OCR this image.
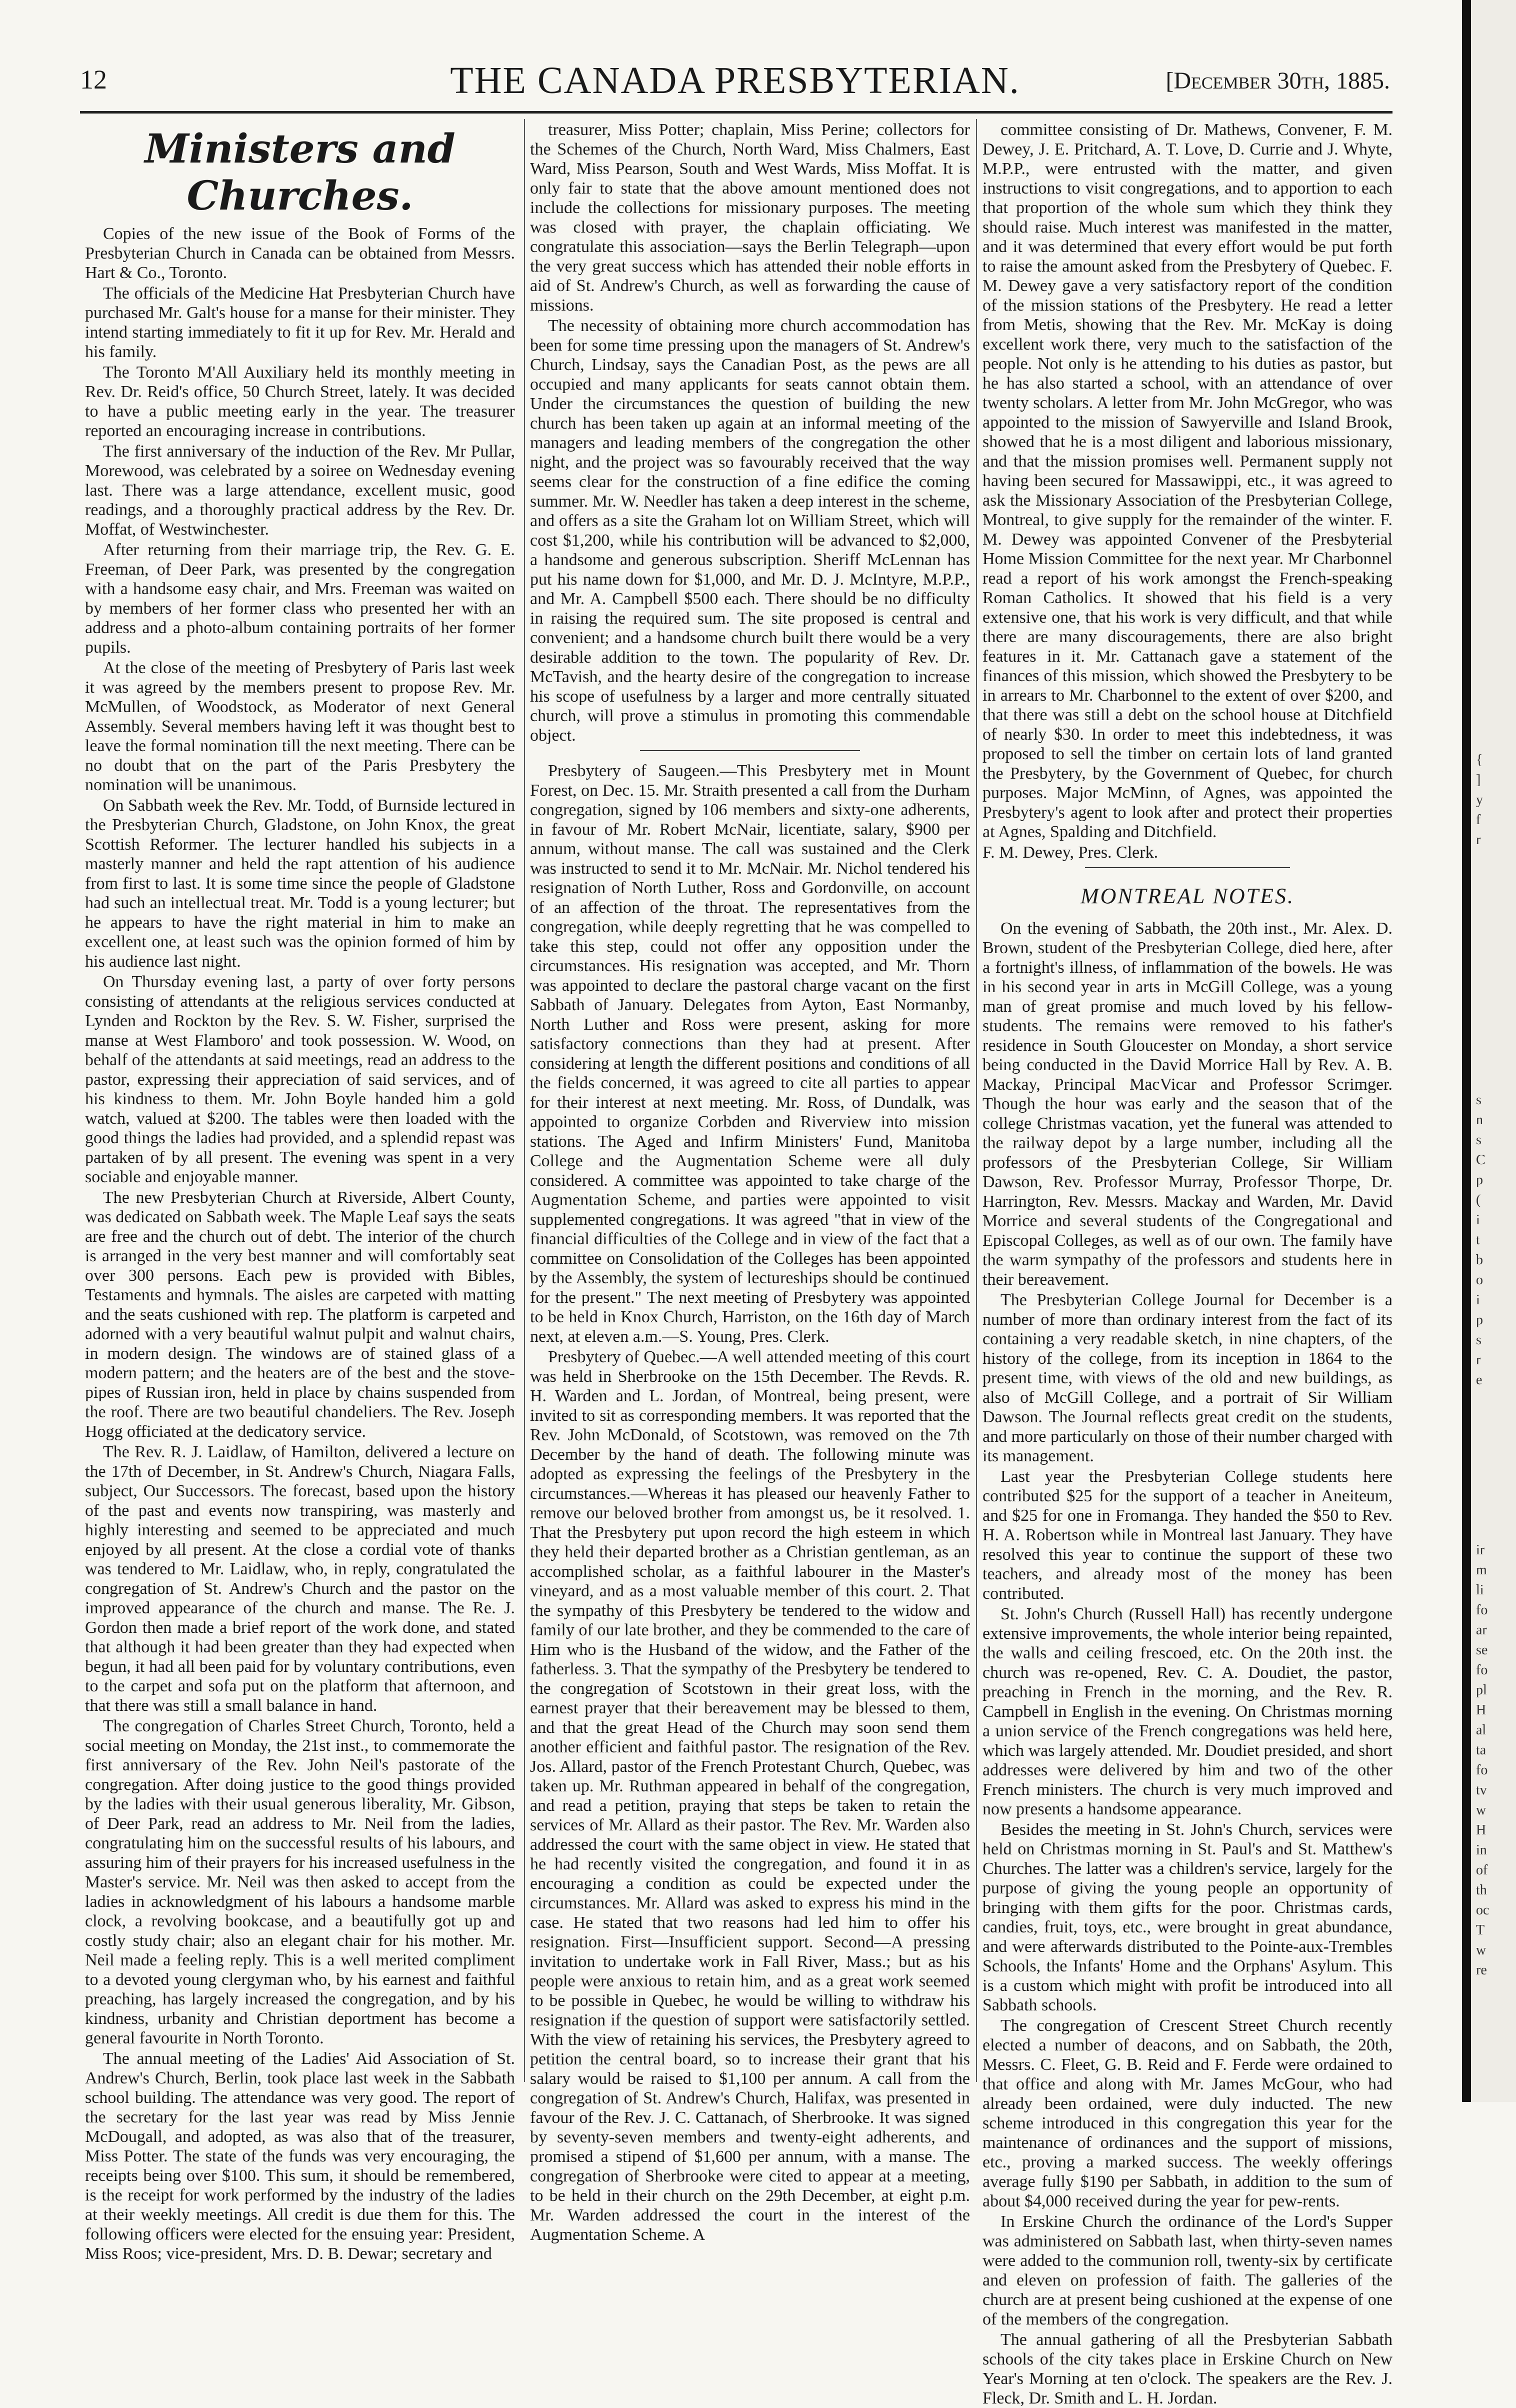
12	THE CANADA PRESBYTERIAN.	[December 30th, 1885.
Ministers and Churches.

Copies of the new issue of the Book of Forms of the Presbyterian Church in Canada can be obtained from Messrs. Hart & Co., Toronto.

The officials of the Medicine Hat Presbyterian Church have purchased Mr. Galt's house for a manse for their minister. They intend starting immediately to fit it up for Rev. Mr. Herald and his family.

The Toronto M'All Auxiliary held its monthly meeting in Rev. Dr. Reid's office, 50 Church Street, lately. It was decided to have a public meeting early in the year. The treasurer reported an encouraging increase in contributions.

The first anniversary of the induction of the Rev. Mr Pullar, Morewood, was celebrated by a soiree on Wednesday evening last. There was a large attendance, excellent music, good readings, and a thoroughly practical address by the Rev. Dr. Moffat, of Westwinchester.

After returning from their marriage trip, the Rev. G. E. Freeman, of Deer Park, was presented by the congregation with a handsome easy chair, and Mrs. Freeman was waited on by members of her former class who presented her with an address and a photo-album containing portraits of her former pupils.

At the close of the meeting of Presbytery of Paris last week it was agreed by the members present to propose Rev. Mr. McMullen, of Woodstock, as Moderator of next General Assembly. Several members having left it was thought best to leave the formal nomination till the next meeting. There can be no doubt that on the part of the Paris Presbytery the nomination will be unanimous.

On Sabbath week the Rev. Mr. Todd, of Burnside lectured in the Presbyterian Church, Gladstone, on John Knox, the great Scottish Reformer. The lecturer handled his subjects in a masterly manner and held the rapt attention of his audience from first to last. It is some time since the people of Gladstone had such an intellectual treat. Mr. Todd is a young lecturer; but he appears to have the right material in him to make an excellent one, at least such was the opinion formed of him by his audience last night.

On Thursday evening last, a party of over forty persons consisting of attendants at the religious services conducted at Lynden and Rockton by the Rev. S. W. Fisher, surprised the manse at West Flamboro' and took possession. W. Wood, on behalf of the attendants at said meetings, read an address to the pastor, expressing their appreciation of said services, and of his kindness to them. Mr. John Boyle handed him a gold watch, valued at $200. The tables were then loaded with the good things the ladies had provided, and a splendid repast was partaken of by all present. The evening was spent in a very sociable and enjoyable manner.

The new Presbyterian Church at Riverside, Albert County, was dedicated on Sabbath week. The Maple Leaf says the seats are free and the church out of debt. The interior of the church is arranged in the very best manner and will comfortably seat over 300 persons. Each pew is provided with Bibles, Testaments and hymnals. The aisles are carpeted with matting and the seats cushioned with rep. The platform is carpeted and adorned with a very beautiful walnut pulpit and walnut chairs, in modern design. The windows are of stained glass of a modern pattern; and the heaters are of the best and the stove-pipes of Russian iron, held in place by chains suspended from the roof. There are two beautiful chandeliers. The Rev. Joseph Hogg officiated at the dedicatory service.

The Rev. R. J. Laidlaw, of Hamilton, delivered a lecture on the 17th of December, in St. Andrew's Church, Niagara Falls, subject, Our Successors. The forecast, based upon the history of the past and events now transpiring, was masterly and highly interesting and seemed to be appreciated and much enjoyed by all present. At the close a cordial vote of thanks was tendered to Mr. Laidlaw, who, in reply, congratulated the congregation of St. Andrew's Church and the pastor on the improved appearance of the church and manse. The Re. J. Gordon then made a brief report of the work done, and stated that although it had been greater than they had expected when begun, it had all been paid for by voluntary contributions, even to the carpet and sofa put on the platform that afternoon, and that there was still a small balance in hand.

The congregation of Charles Street Church, Toronto, held a social meeting on Monday, the 21st inst., to commemorate the first anniversary of the Rev. John Neil's pastorate of the congregation. After doing justice to the good things provided by the ladies with their usual generous liberality, Mr. Gibson, of Deer Park, read an address to Mr. Neil from the ladies, congratulating him on the successful results of his labours, and assuring him of their prayers for his increased usefulness in the Master's service. Mr. Neil was then asked to accept from the ladies in acknowledgment of his labours a handsome marble clock, a revolving bookcase, and a beautifully got up and costly study chair; also an elegant chair for his mother. Mr. Neil made a feeling reply. This is a well merited compliment to a devoted young clergyman who, by his earnest and faithful preaching, has largely increased the congregation, and by his kindness, urbanity and Christian deportment has become a general favourite in North Toronto.

The annual meeting of the Ladies' Aid Association of St. Andrew's Church, Berlin, took place last week in the Sabbath school building. The attendance was very good. The report of the secretary for the last year was read by Miss Jennie McDougall, and adopted, as was also that of the treasurer, Miss Potter. The state of the funds was very encouraging, the receipts being over $100. This sum, it should be remembered, is the receipt for work performed by the industry of the ladies at their weekly meetings. All credit is due them for this. The following officers were elected for the ensuing year: President, Miss Roos; vice-president, Mrs. D. B. Dewar; secretary and

treasurer, Miss Potter; chaplain, Miss Perine; collectors for the Schemes of the Church, North Ward, Miss Chalmers, East Ward, Miss Pearson, South and West Wards, Miss Moffat. It is only fair to state that the above amount mentioned does not include the collections for missionary purposes. The meeting was closed with prayer, the chaplain officiating. We congratulate this association—says the Berlin Telegraph—upon the very great success which has attended their noble efforts in aid of St. Andrew's Church, as well as forwarding the cause of missions.

The necessity of obtaining more church accommodation has been for some time pressing upon the managers of St. Andrew's Church, Lindsay, says the Canadian Post, as the pews are all occupied and many applicants for seats cannot obtain them. Under the circumstances the question of building the new church has been taken up again at an informal meeting of the managers and leading members of the congregation the other night, and the project was so favourably received that the way seems clear for the construction of a fine edifice the coming summer. Mr. W. Needler has taken a deep interest in the scheme, and offers as a site the Graham lot on William Street, which will cost $1,200, while his contribution will be advanced to $2,000, a handsome and generous subscription. Sheriff McLennan has put his name down for $1,000, and Mr. D. J. McIntyre, M.P.P., and Mr. A. Campbell $500 each. There should be no difficulty in raising the required sum. The site proposed is central and convenient; and a handsome church built there would be a very desirable addition to the town. The popularity of Rev. Dr. McTavish, and the hearty desire of the congregation to increase his scope of usefulness by a larger and more centrally situated church, will prove a stimulus in promoting this commendable object.

Presbytery of Saugeen.—This Presbytery met in Mount Forest, on Dec. 15. Mr. Straith presented a call from the Durham congregation, signed by 106 members and sixty-one adherents, in favour of Mr. Robert McNair, licentiate, salary, $900 per annum, without manse. The call was sustained and the Clerk was instructed to send it to Mr. McNair. Mr. Nichol tendered his resignation of North Luther, Ross and Gordonville, on account of an affection of the throat. The representatives from the congregation, while deeply regretting that he was compelled to take this step, could not offer any opposition under the circumstances. His resignation was accepted, and Mr. Thorn was appointed to declare the pastoral charge vacant on the first Sabbath of January. Delegates from Ayton, East Normanby, North Luther and Ross were present, asking for more satisfactory connections than they had at present. After considering at length the different positions and conditions of all the fields concerned, it was agreed to cite all parties to appear for their interest at next meeting. Mr. Ross, of Dundalk, was appointed to organize Corbden and Riverview into mission stations. The Aged and Infirm Ministers' Fund, Manitoba College and the Augmentation Scheme were all duly considered. A committee was appointed to take charge of the Augmentation Scheme, and parties were appointed to visit supplemented congregations. It was agreed "that in view of the financial difficulties of the College and in view of the fact that a committee on Consolidation of the Colleges has been appointed by the Assembly, the system of lectureships should be continued for the present." The next meeting of Presbytery was appointed to be held in Knox Church, Harriston, on the 16th day of March next, at eleven a.m.—S. Young, Pres. Clerk.

Presbytery of Quebec.—A well attended meeting of this court was held in Sherbrooke on the 15th December. The Revds. R. H. Warden and L. Jordan, of Montreal, being present, were invited to sit as corresponding members. It was reported that the Rev. John McDonald, of Scotstown, was removed on the 7th December by the hand of death. The following minute was adopted as expressing the feelings of the Presbytery in the circumstances.—Whereas it has pleased our heavenly Father to remove our beloved brother from amongst us, be it resolved. 1. That the Presbytery put upon record the high esteem in which they held their departed brother as a Christian gentleman, as an accomplished scholar, as a faithful labourer in the Master's vineyard, and as a most valuable member of this court. 2. That the sympathy of this Presbytery be tendered to the widow and family of our late brother, and they be commended to the care of Him who is the Husband of the widow, and the Father of the fatherless. 3. That the sympathy of the Presbytery be tendered to the congregation of Scotstown in their great loss, with the earnest prayer that their bereavement may be blessed to them, and that the great Head of the Church may soon send them another efficient and faithful pastor. The resignation of the Rev. Jos. Allard, pastor of the French Protestant Church, Quebec, was taken up. Mr. Ruthman appeared in behalf of the congregation, and read a petition, praying that steps be taken to retain the services of Mr. Allard as their pastor. The Rev. Mr. Warden also addressed the court with the same object in view. He stated that he had recently visited the congregation, and found it in as encouraging a condition as could be expected under the circumstances. Mr. Allard was asked to express his mind in the case. He stated that two reasons had led him to offer his resignation. First—Insufficient support. Second—A pressing invitation to undertake work in Fall River, Mass.; but as his people were anxious to retain him, and as a great work seemed to be possible in Quebec, he would be willing to withdraw his resignation if the question of support were satisfactorily settled. With the view of retaining his services, the Presbytery agreed to petition the central board, so to increase their grant that his salary would be raised to $1,100 per annum. A call from the congregation of St. Andrew's Church, Halifax, was presented in favour of the Rev. J. C. Cattanach, of Sherbrooke. It was signed by seventy-seven members and twenty-eight adherents, and promised a stipend of $1,600 per annum, with a manse. The congregation of Sherbrooke were cited to appear at a meeting, to be held in their church on the 29th December, at eight p.m. Mr. Warden addressed the court in the interest of the Augmentation Scheme. A

committee consisting of Dr. Mathews, Convener, F. M. Dewey, J. E. Pritchard, A. T. Love, D. Currie and J. Whyte, M.P.P., were entrusted with the matter, and given instructions to visit congregations, and to apportion to each that proportion of the whole sum which they think they should raise. Much interest was manifested in the matter, and it was determined that every effort would be put forth to raise the amount asked from the Presbytery of Quebec. F. M. Dewey gave a very satisfactory report of the condition of the mission stations of the Presbytery. He read a letter from Metis, showing that the Rev. Mr. McKay is doing excellent work there, very much to the satisfaction of the people. Not only is he attending to his duties as pastor, but he has also started a school, with an attendance of over twenty scholars. A letter from Mr. John McGregor, who was appointed to the mission of Sawyerville and Island Brook, showed that he is a most diligent and laborious missionary, and that the mission promises well. Permanent supply not having been secured for Massawippi, etc., it was agreed to ask the Missionary Association of the Presbyterian College, Montreal, to give supply for the remainder of the winter. F. M. Dewey was appointed Convener of the Presbyterial Home Mission Committee for the next year. Mr Charbonnel read a report of his work amongst the French-speaking Roman Catholics. It showed that his field is a very extensive one, that his work is very difficult, and that while there are many discouragements, there are also bright features in it. Mr. Cattanach gave a statement of the finances of this mission, which showed the Presbytery to be in arrears to Mr. Charbonnel to the extent of over $200, and that there was still a debt on the school house at Ditchfield of nearly $30. In order to meet this indebtedness, it was proposed to sell the timber on certain lots of land granted the Presbytery, by the Government of Quebec, for church purposes. Major McMinn, of Agnes, was appointed the Presbytery's agent to look after and protect their properties at Agnes, Spalding and Ditchfield.

F. M. Dewey, Pres. Clerk.

MONTREAL NOTES.

On the evening of Sabbath, the 20th inst., Mr. Alex. D. Brown, student of the Presbyterian College, died here, after a fortnight's illness, of inflammation of the bowels. He was in his second year in arts in McGill College, was a young man of great promise and much loved by his fellow-students. The remains were removed to his father's residence in South Gloucester on Monday, a short service being conducted in the David Morrice Hall by Rev. A. B. Mackay, Principal MacVicar and Professor Scrimger. Though the hour was early and the season that of the college Christmas vacation, yet the funeral was attended to the railway depot by a large number, including all the professors of the Presbyterian College, Sir William Dawson, Rev. Professor Murray, Professor Thorpe, Dr. Harrington, Rev. Messrs. Mackay and Warden, Mr. David Morrice and several students of the Congregational and Episcopal Colleges, as well as of our own. The family have the warm sympathy of the professors and students here in their bereavement.

The Presbyterian College Journal for December is a number of more than ordinary interest from the fact of its containing a very readable sketch, in nine chapters, of the history of the college, from its inception in 1864 to the present time, with views of the old and new buildings, as also of McGill College, and a portrait of Sir William Dawson. The Journal reflects great credit on the students, and more particularly on those of their number charged with its management.

Last year the Presbyterian College students here contributed $25 for the support of a teacher in Aneiteum, and $25 for one in Fromanga. They handed the $50 to Rev. H. A. Robertson while in Montreal last January. They have resolved this year to continue the support of these two teachers, and already most of the money has been contributed.

St. John's Church (Russell Hall) has recently undergone extensive improvements, the whole interior being repainted, the walls and ceiling frescoed, etc. On the 20th inst. the church was re-opened, Rev. C. A. Doudiet, the pastor, preaching in French in the morning, and the Rev. R. Campbell in English in the evening. On Christmas morning a union service of the French congregations was held here, which was largely attended. Mr. Doudiet presided, and short addresses were delivered by him and two of the other French ministers. The church is very much improved and now presents a handsome appearance.

Besides the meeting in St. John's Church, services were held on Christmas morning in St. Paul's and St. Matthew's Churches. The latter was a children's service, largely for the purpose of giving the young people an opportunity of bringing with them gifts for the poor. Christmas cards, candies, fruit, toys, etc., were brought in great abundance, and were afterwards distributed to the Pointe-aux-Trembles Schools, the Infants' Home and the Orphans' Asylum. This is a custom which might with profit be introduced into all Sabbath schools.

The congregation of Crescent Street Church recently elected a number of deacons, and on Sabbath, the 20th, Messrs. C. Fleet, G. B. Reid and F. Ferde were ordained to that office and along with Mr. James McGour, who had already been ordained, were duly inducted. The new scheme introduced in this congregation this year for the maintenance of ordinances and the support of missions, etc., proving a marked success. The weekly offerings average fully $190 per Sabbath, in addition to the sum of about $4,000 received during the year for pew-rents.

In Erskine Church the ordinance of the Lord's Supper was administered on Sabbath last, when thirty-seven names were added to the communion roll, twenty-six by certificate and eleven on profession of faith. The galleries of the church are at present being cushioned at the expense of one of the members of the congregation.

The annual gathering of all the Presbyterian Sabbath schools of the city takes place in Erskine Church on New Year's Morning at ten o'clock. The speakers are the Rev. J. Fleck, Dr. Smith and L. H. Jordan.

{
]
y
f
r
s
n
s
C
p
(
i
t
b
o
i
p
s
r
e
ir
m
li
fo
ar
se
fo
pl
H
al
ta
fo
tv
w
H
in
of
th
oc
T
w
re
